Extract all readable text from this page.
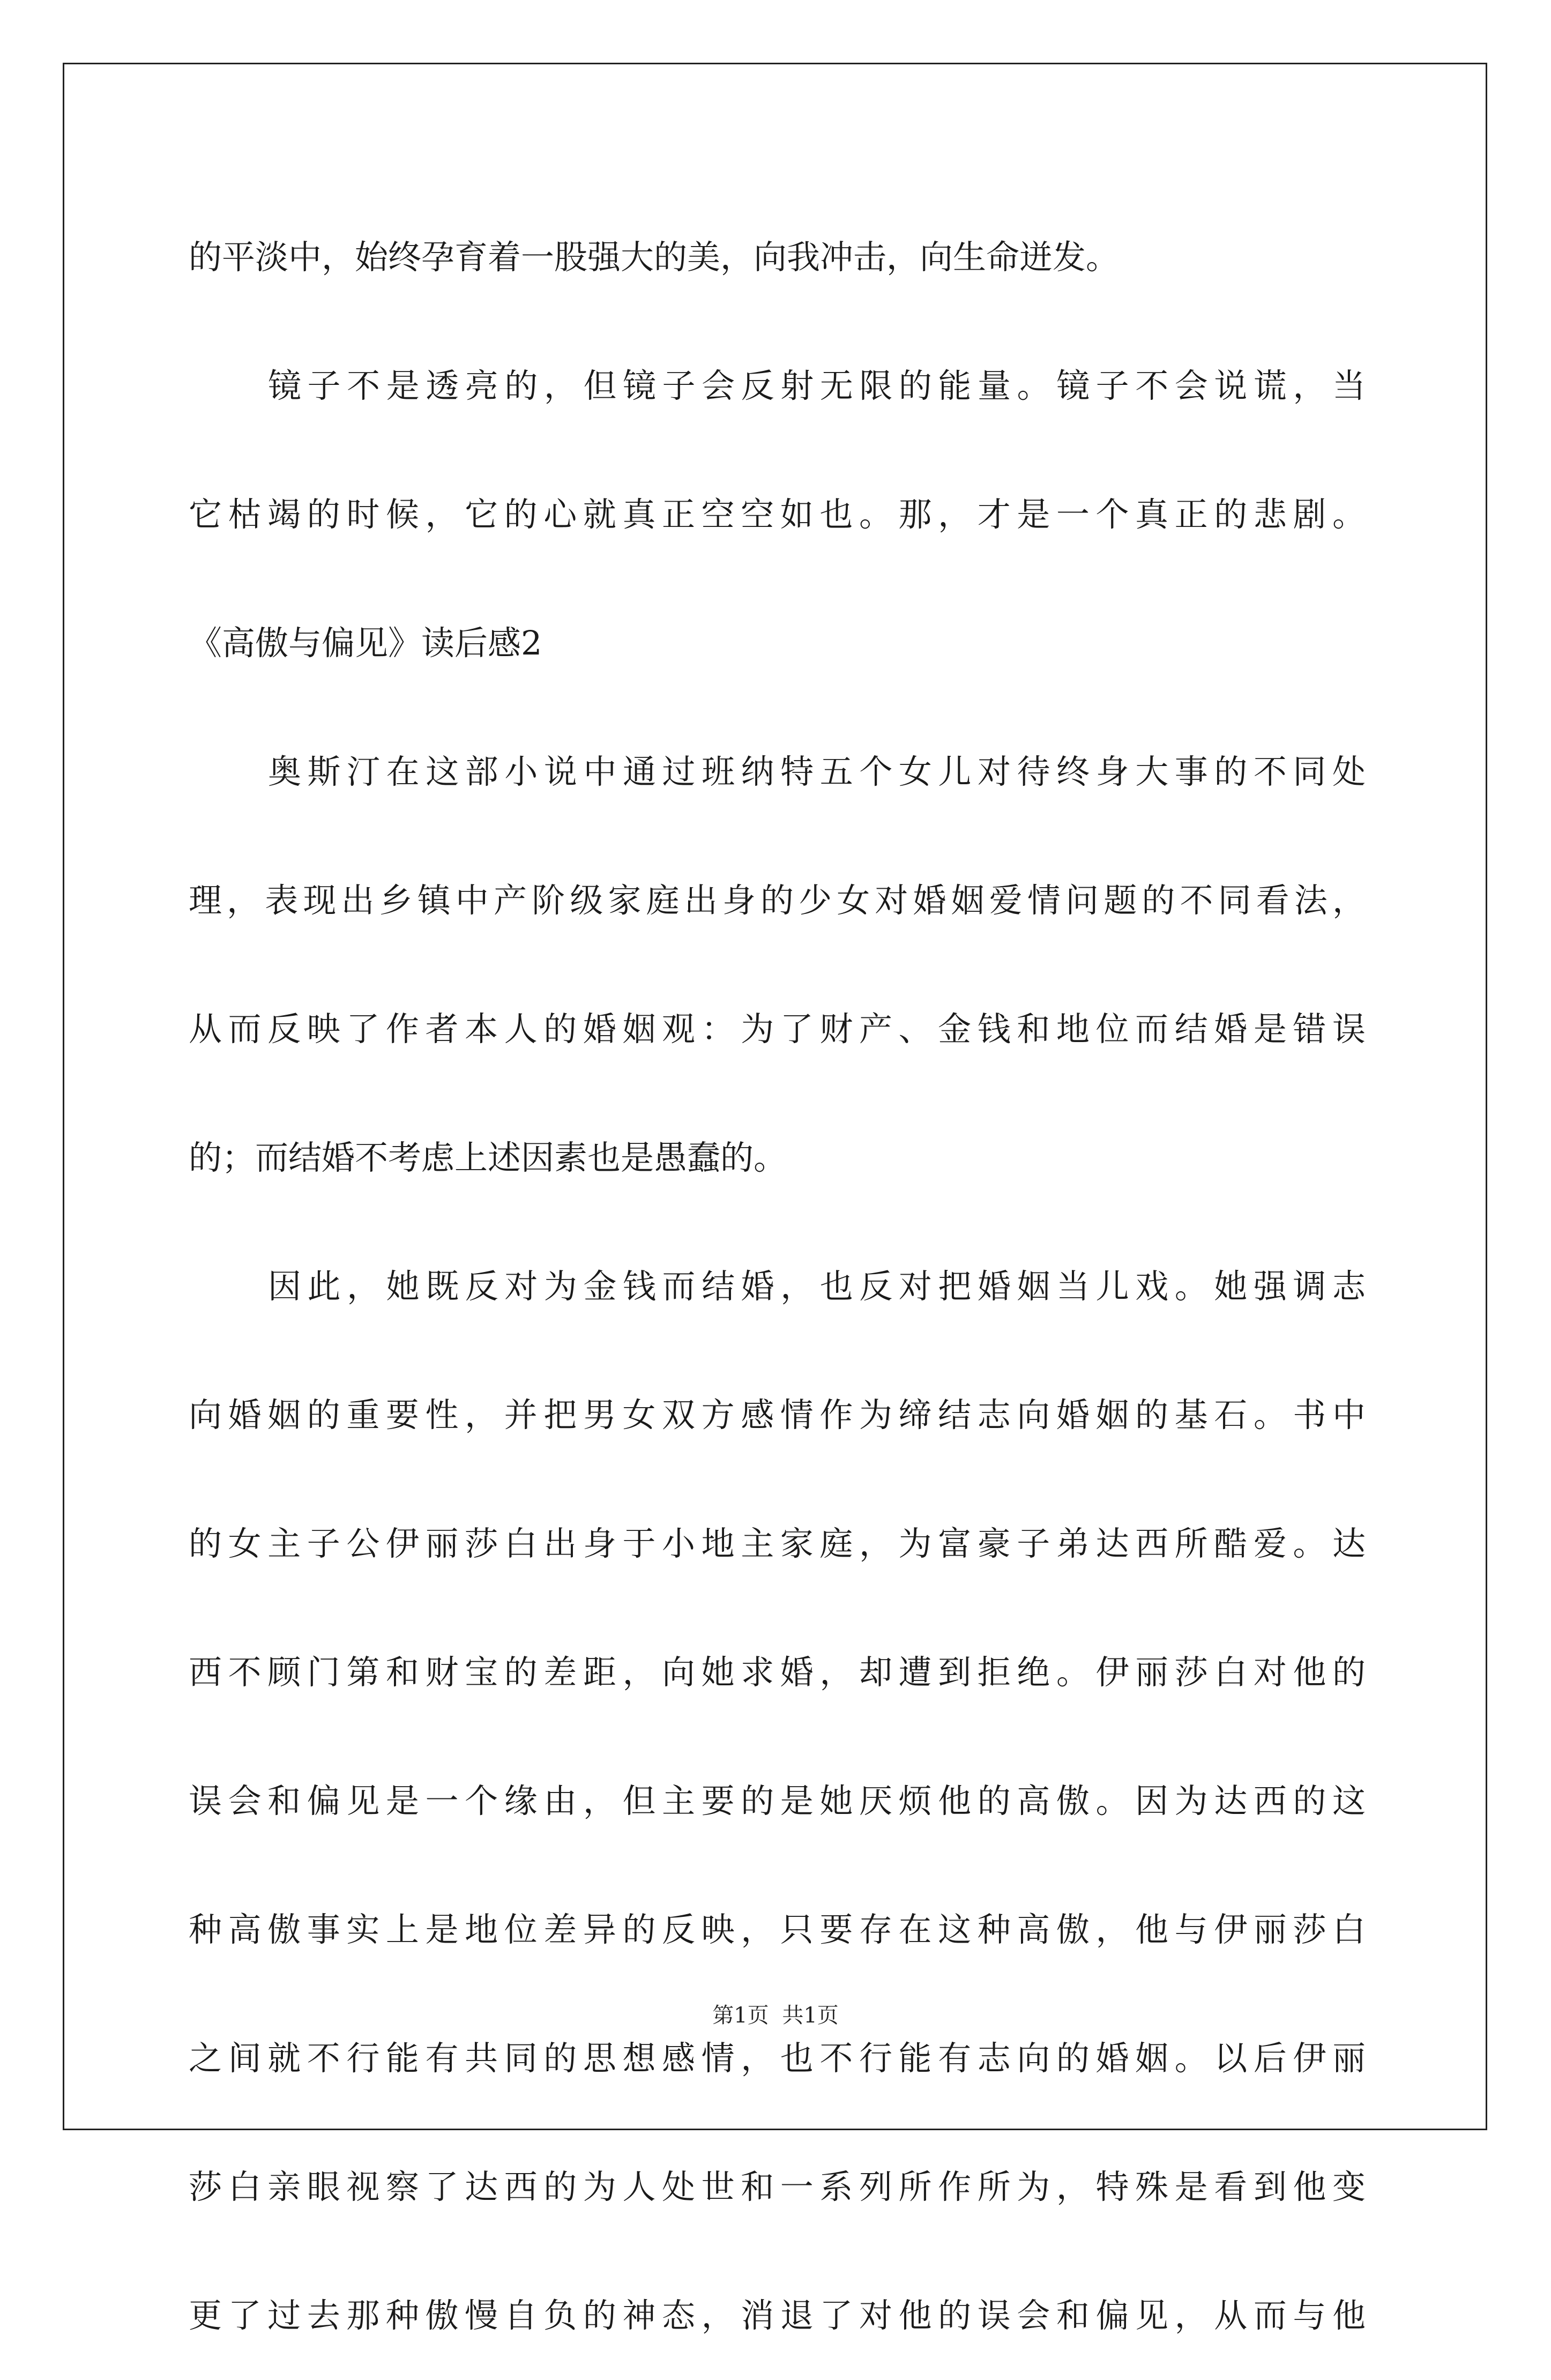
的平淡中，始终孕育着一股强大的美，向我冲击，向生命迸发。
镜子不是透亮的，但镜子会反射无限的能量。镜子不会说谎，当
它枯竭的时候，它的心就真正空空如也。那，才是一个真正的悲剧。
《高傲与偏见》读后感2
奥斯汀在这部小说中通过班纳特五个女儿对待终身大事的不同处
理，表现出乡镇中产阶级家庭出身的少女对婚姻爱情问题的不同看法，
从而反映了作者本人的婚姻观：为了财产、金钱和地位而结婚是错误
的；而结婚不考虑上述因素也是愚蠢的。
因此，她既反对为金钱而结婚，也反对把婚姻当儿戏。她强调志
向婚姻的重要性，并把男女双方感情作为缔结志向婚姻的基石。书中
的女主子公伊丽莎白出身于小地主家庭，为富豪子弟达西所酷爱。达
西不顾门第和财宝的差距，向她求婚，却遭到拒绝。伊丽莎白对他的
误会和偏见是一个缘由，但主要的是她厌烦他的高傲。因为达西的这
种高傲事实上是地位差异的反映，只要存在这种高傲，他与伊丽莎白
之间就不行能有共同的思想感情，也不行能有志向的婚姻。以后伊丽
莎白亲眼视察了达西的为人处世和一系列所作所为，特殊是看到他变
更了过去那种傲慢自负的神态，消退了对他的误会和偏见，从而与他
第1页 共1页
